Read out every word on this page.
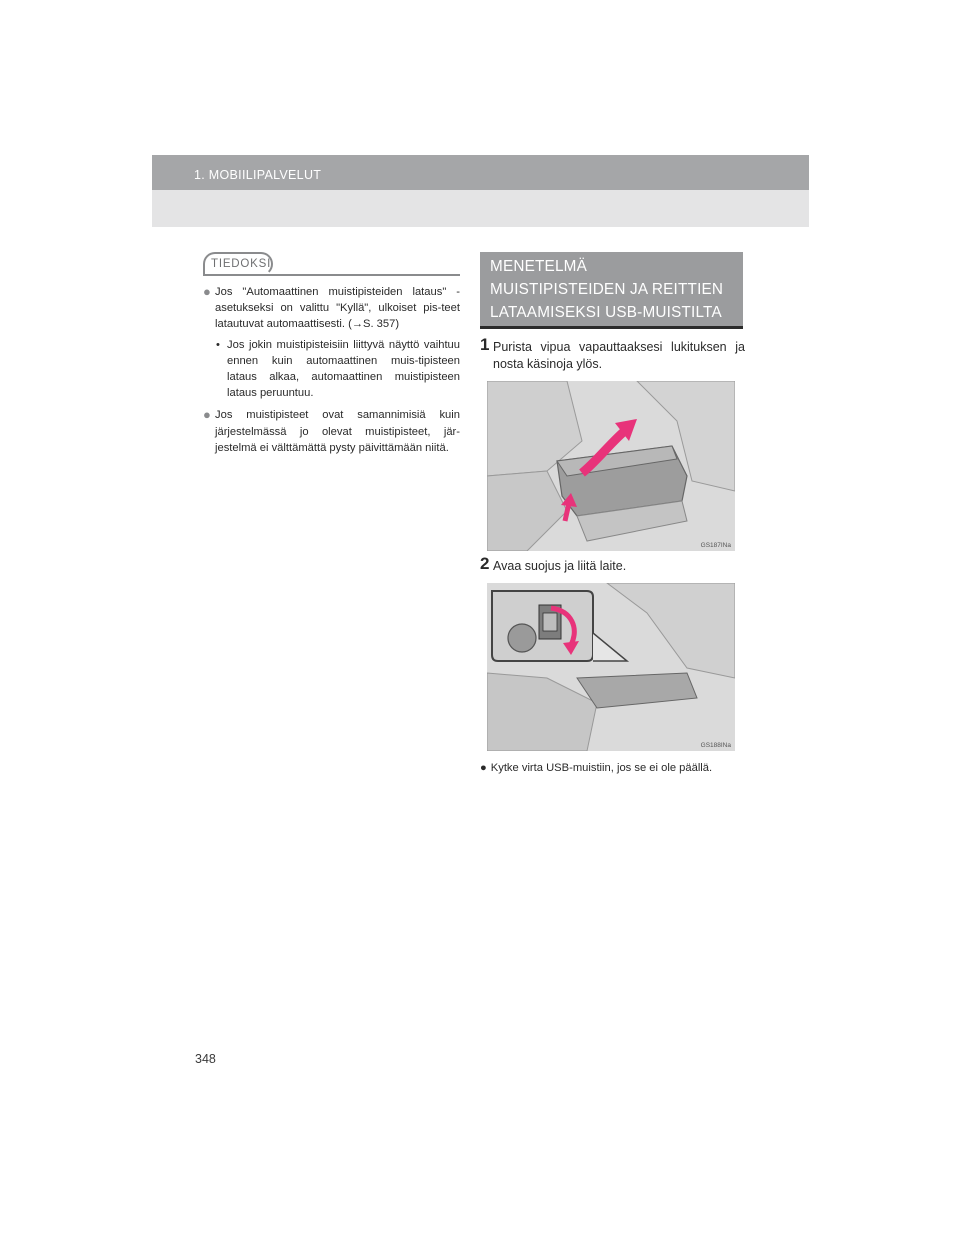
1. MOBIILIPALVELUT
TIEDOKSI
● Jos "Automaattinen muistipisteiden lataus" -asetukseksi on valittu "Kyllä", ulkoiset pis-teet latautuvat automaattisesti. (→S. 357)
• Jos jokin muistipisteisiin liittyvä näyttö vaihtuu ennen kuin automaattinen muis-tipisteen lataus alkaa, automaattinen muistipisteen lataus peruuntuu.
● Jos muistipisteet ovat samannimisiä kuin järjestelmässä jo olevat muistipisteet, jär-jestelmä ei välttämättä pysty päivittämään niitä.
MENETELMÄ
MUISTIPISTEIDEN JA REITTIEN
LATAAMISEKSI USB-MUISTILTA
1 Purista vipua vapauttaaksesi lukituksen ja nosta käsinoja ylös.
GS187INa
2 Avaa suojus ja liitä laite.
GS188INa
● Kytke virta USB-muistiin, jos se ei ole päällä.
348
